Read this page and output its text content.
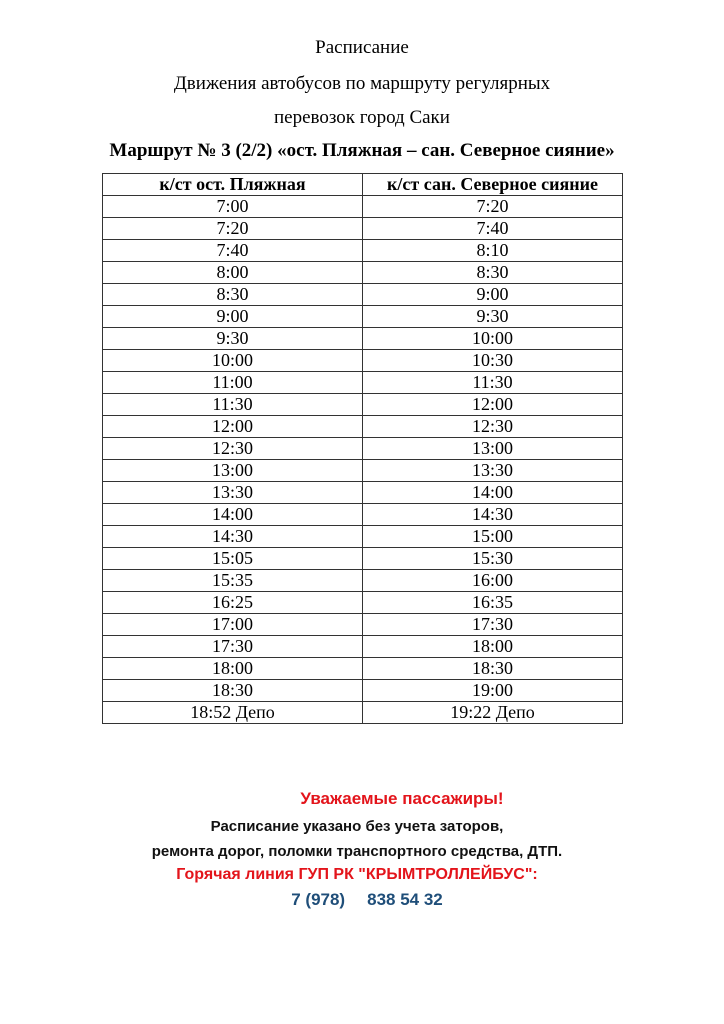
Расписание
Движения автобусов по маршруту регулярных
перевозок город Саки
Маршрут № 3 (2/2) «ост. Пляжная – сан. Северное сияние»
к/ст ост. Пляжная	к/ст сан. Северное сияние
7:00	7:20
7:20	7:40
7:40	8:10
8:00	8:30
8:30	9:00
9:00	9:30
9:30	10:00
10:00	10:30
11:00	11:30
11:30	12:00
12:00	12:30
12:30	13:00
13:00	13:30
13:30	14:00
14:00	14:30
14:30	15:00
15:05	15:30
15:35	16:00
16:25	16:35
17:00	17:30
17:30	18:00
18:00	18:30
18:30	19:00
18:52 Депо	19:22 Депо
Уважаемые пассажиры!
Расписание указано без учета заторов,
ремонта дорог, поломки транспортного средства, ДТП.
Горячая линия ГУП РК "КРЫМТРОЛЛЕЙБУС":
7 (978) 838 54 32
